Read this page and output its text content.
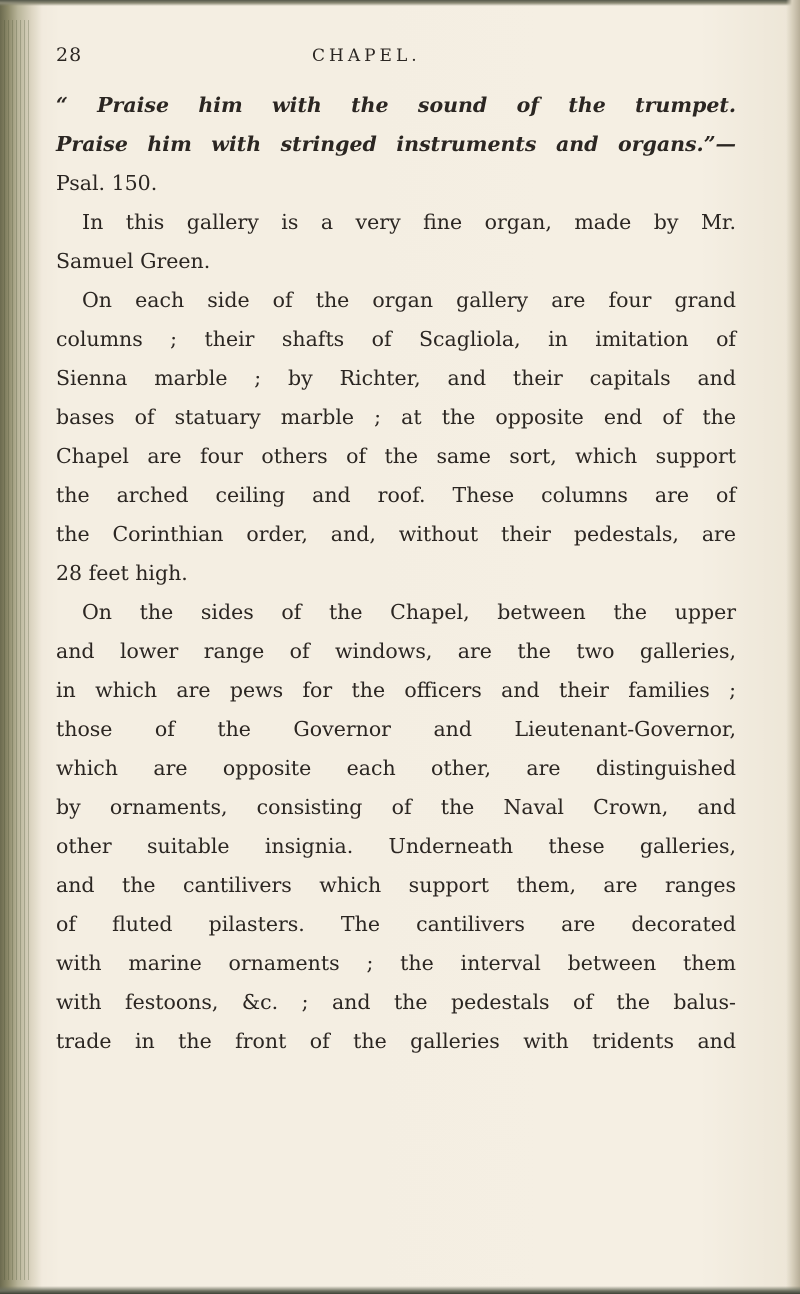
28	CHAPEL.
“ Praise him with the sound of the trumpet.
Praise him with stringed instruments and organs.”—
Psal. 150.
In this gallery is a very fine organ, made by Mr.
Samuel Green.
On each side of the organ gallery are four grand
columns ; their shafts of Scagliola, in imitation of
Sienna marble ; by Richter, and their capitals and
bases of statuary marble ; at the opposite end of the
Chapel are four others of the same sort, which support
the arched ceiling and roof. These columns are of
the Corinthian order, and, without their pedestals, are
28 feet high.
On the sides of the Chapel, between the upper
and lower range of windows, are the two galleries,
in which are pews for the officers and their families ;
those of the Governor and Lieutenant-Governor,
which are opposite each other, are distinguished
by ornaments, consisting of the Naval Crown, and
other suitable insignia. Underneath these galleries,
and the cantilivers which support them, are ranges
of fluted pilasters. The cantilivers are decorated
with marine ornaments ; the interval between them
with festoons, &c. ; and the pedestals of the balus-
trade in the front of the galleries with tridents and
